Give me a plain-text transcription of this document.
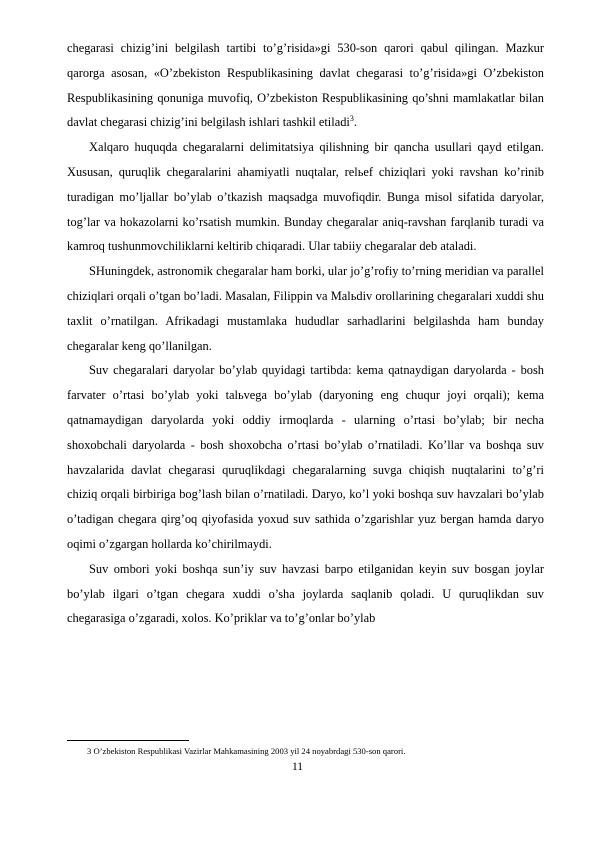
chegarasi chizig’ini belgilash tartibi to’g’risida»gi 530-son qarori qabul qilingan. Mazkur qarorga asosan, «O’zbekiston Respublikasining davlat chegarasi to’g’risida»gi O’zbekiston Respublikasining qonuniga muvofiq, O’zbekiston Respublikasining qo’shni mamlakatlar bilan davlat chegarasi chizig’ini belgilash ishlari tashkil etiladi$^3$.

Xalqaro huquqda chegaralarni delimitatsiya qilishning bir qancha usullari qayd etilgan. Xususan, quruqlik chegaralarini ahamiyatli nuqtalar, relьef chiziqlari yoki ravshan ko’rinib turadigan mo’ljallar bo’ylab o’tkazish maqsadga muvofiqdir. Bunga misol sifatida daryolar, tog’lar va hokazolarni ko’rsatish mumkin. Bunday chegaralar aniq-ravshan farqlanib turadi va kamroq tushunmovchiliklarni keltirib chiqaradi. Ular tabiiy chegaralar deb ataladi.

SHuningdek, astronomik chegaralar ham borki, ular jo’g’rofiy to’rning meridian va parallel chiziqlari orqali o’tgan bo’ladi. Masalan, Filippin va Malьdiv orollarining chegaralari xuddi shu taxlit o’rnatilgan. Afrikadagi mustamlaka hududlar sarhadlarini belgilashda ham bunday chegaralar keng qo’llanilgan.

Suv chegaralari daryolar bo’ylab quyidagi tartibda: kema qatnaydigan daryolarda - bosh farvater o’rtasi bo’ylab yoki talьvega bo’ylab (daryoning eng chuqur joyi orqali); kema qatnamaydigan daryolarda yoki oddiy irmoqlarda - ularning o’rtasi bo’ylab; bir necha shoxobchali daryolarda - bosh shoxobcha o’rtasi bo’ylab o’rnatiladi. Ko’llar va boshqa suv havzalarida davlat chegarasi quruqlikdagi chegaralarning suvga chiqish nuqtalarini to’g’ri chiziq orqali birbiriga bog’lash bilan o’rnatiladi. Daryo, ko’l yoki boshqa suv havzalari bo’ylab o’tadigan chegara qirg’oq qiyofasida yoxud suv sathida o’zgarishlar yuz bergan hamda daryo oqimi o’zgargan hollarda ko’chirilmaydi.

Suv ombori yoki boshqa sun’iy suv havzasi barpo etilganidan keyin suv bosgan joylar bo’ylab ilgari o’tgan chegara xuddi o’sha joylarda saqlanib qoladi. U quruqlikdan suv chegarasiga o’zgaradi, xolos. Ko’priklar va to’g’onlar bo’ylab

3 O’zbekiston Respublikasi Vazirlar Mahkamasining 2003 yil 24 noyabrdagi 530-son qarori.
11
